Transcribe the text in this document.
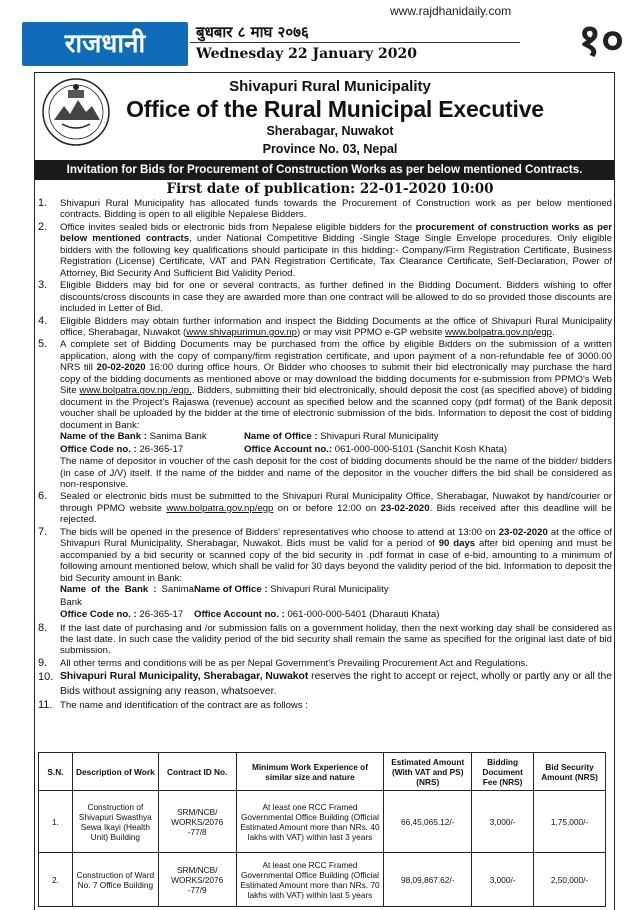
www.rajdhanidaily.com
राजधानी	बुधबार ८ माघ २०७६
Wednesday 22 January 2020	१०
Shivapuri Rural Municipality
Office of the Rural Municipal Executive
Sherabagar, Nuwakot
Province No. 03, Nepal
Invitation for Bids for Procurement of Construction Works as per below mentioned Contracts.
First date of publication: 22-01-2020 10:00
1.	Shivapuri Rural Municipality has allocated funds towards the Procurement of Construction work as per below mentioned contracts. Bidding is open to all eligible Nepalese Bidders.
2.	Office invites sealed bids or electronic bids from Nepalese eligible bidders for the procurement of construction works as per below mentioned contracts, under National Competitive Bidding -Single Stage Single Envelope procedures. Only eligible bidders with the following key qualifications should participate in this bidding:- Company/Firm Registration Certificate, Business Registration (License) Certificate, VAT and PAN Registration Certificate, Tax Clearance Certificate, Self-Declaration, Power of Attorney, Bid Security And Sufficient Bid Validity Period.
3.	Eligible Bidders may bid for one or several contracts, as further defined in the Bidding Document. Bidders wishing to offer discounts/cross discounts in case they are awarded more than one contract will be allowed to do so provided those discounts are included in Letter of Bid.
4.	Eligible Bidders may obtain further information and inspect the Bidding Documents at the office of Shivapuri Rural Municipality office, Sherabagar, Nuwakot (www.shivapurimun.gov.np) or may visit PPMO e-GP website www.bolpatra.gov.np/egp.
5.	A complete set of Bidding Documents may be purchased from the office by eligible Bidders on the submission of a written application, along with the copy of company/firm registration certificate, and upon payment of a non-refundable fee of 3000.00 NRS till 20-02-2020 16:00 during office hours. Or Bidder who chooses to submit their bid electronically may purchase the hard copy of the bidding documents as mentioned above or may download the bidding documents for e-submission from PPMO's Web Site www.bolpatra.gov.np./egp.. Bidders, submitting their bid electronically, should deposit the cost (as specified above) of bidding document in the Project's Rajaswa (revenue) account as specified below and the scanned copy (pdf format) of the Bank deposit voucher shall be uploaded by the bidder at the time of electronic submission of the bids. Information to deposit the cost of bidding document in Bank:
Name of the Bank : Sanima Bank	Name of Office : Shivapuri Rural Municipality
Office Code no. : 26-365-17	Office Account no.: 061-000-000-5101 (Sanchit Kosh Khata)
The name of depositor in voucher of the cash deposit for the cost of bidding documents should be the name of the bidder/ bidders (in case of J/V) itself. If the name of the bidder and name of the depositor in the voucher differs the bid shall be considered as non-responsive.
6.	Sealed or electronic bids must be submitted to the Shivapuri Rural Municipality Office, Sherabagar, Nuwakot by hand/courier or through PPMO website www.bolpatra.gov.np/egp on or before 12:00 on 23-02-2020. Bids received after this deadline will be rejected.
7.	The bids will be opened in the presence of Bidders' representatives who choose to attend at 13:00 on 23-02-2020 at the office of Shivapuri Rural Municipality, Sherabagar, Nuwakot. Bids must be valid for a period of 90 days after bid opening and must be accompanied by a bid security or scanned copy of the bid security in .pdf format in case of e-bid, amounting to a minimum of following amount mentioned below, which shall be valid for 30 days beyond the validity period of the bid. Information to deposit the bid Security amount in Bank:
Name of the Bank : Sanima Bank
Name of Office : Shivapuri Rural Municipality
Office Code no. : 26-365-17	Office Account no. : 061-000-000-5401 (Dharauti Khata)
8.	If the last date of purchasing and /or submission falls on a government holiday, then the next working day shall be considered as the last date. In such case the validity period of the bid security shall remain the same as specified for the original last date of bid submission.
9.	All other terms and conditions will be as per Nepal Government's Prevailing Procurement Act and Regulations.
10. Shivapuri Rural Municipality, Sherabagar, Nuwakot reserves the right to accept or reject, wholly or partly any or all the Bids without assigning any reason, whatsoever.
11. The name and identification of the contract are as follows :
S.N.	Description of Work	Contract ID No.	Minimum Work Experience of similar size and nature	Estimated Amount (With VAT and PS) (NRS)	Bidding Document Fee (NRS)	Bid Security Amount (NRS)
1.	Construction of Shivapuri Swasthya Sewa Ikayi (Health Unit) Building	SRM/NCB/ WORKS/2076 -77/8	At least one RCC Framed Governmental Office Building (Official Estimated Amount more than NRs. 40 lakhs with VAT) within last 3 years	66,45,065.12/-	3,000/-	1,75,000/-
2.	Construction of Ward No. 7 Office Building	SRM/NCB/ WORKS/2076 -77/9	At least one RCC Framed Governmental Office Building (Official Estimated Amount more than NRs. 70 lakhs with VAT) within last 5 years	98,09,867.62/-	3,000/-	2,50,000/-
